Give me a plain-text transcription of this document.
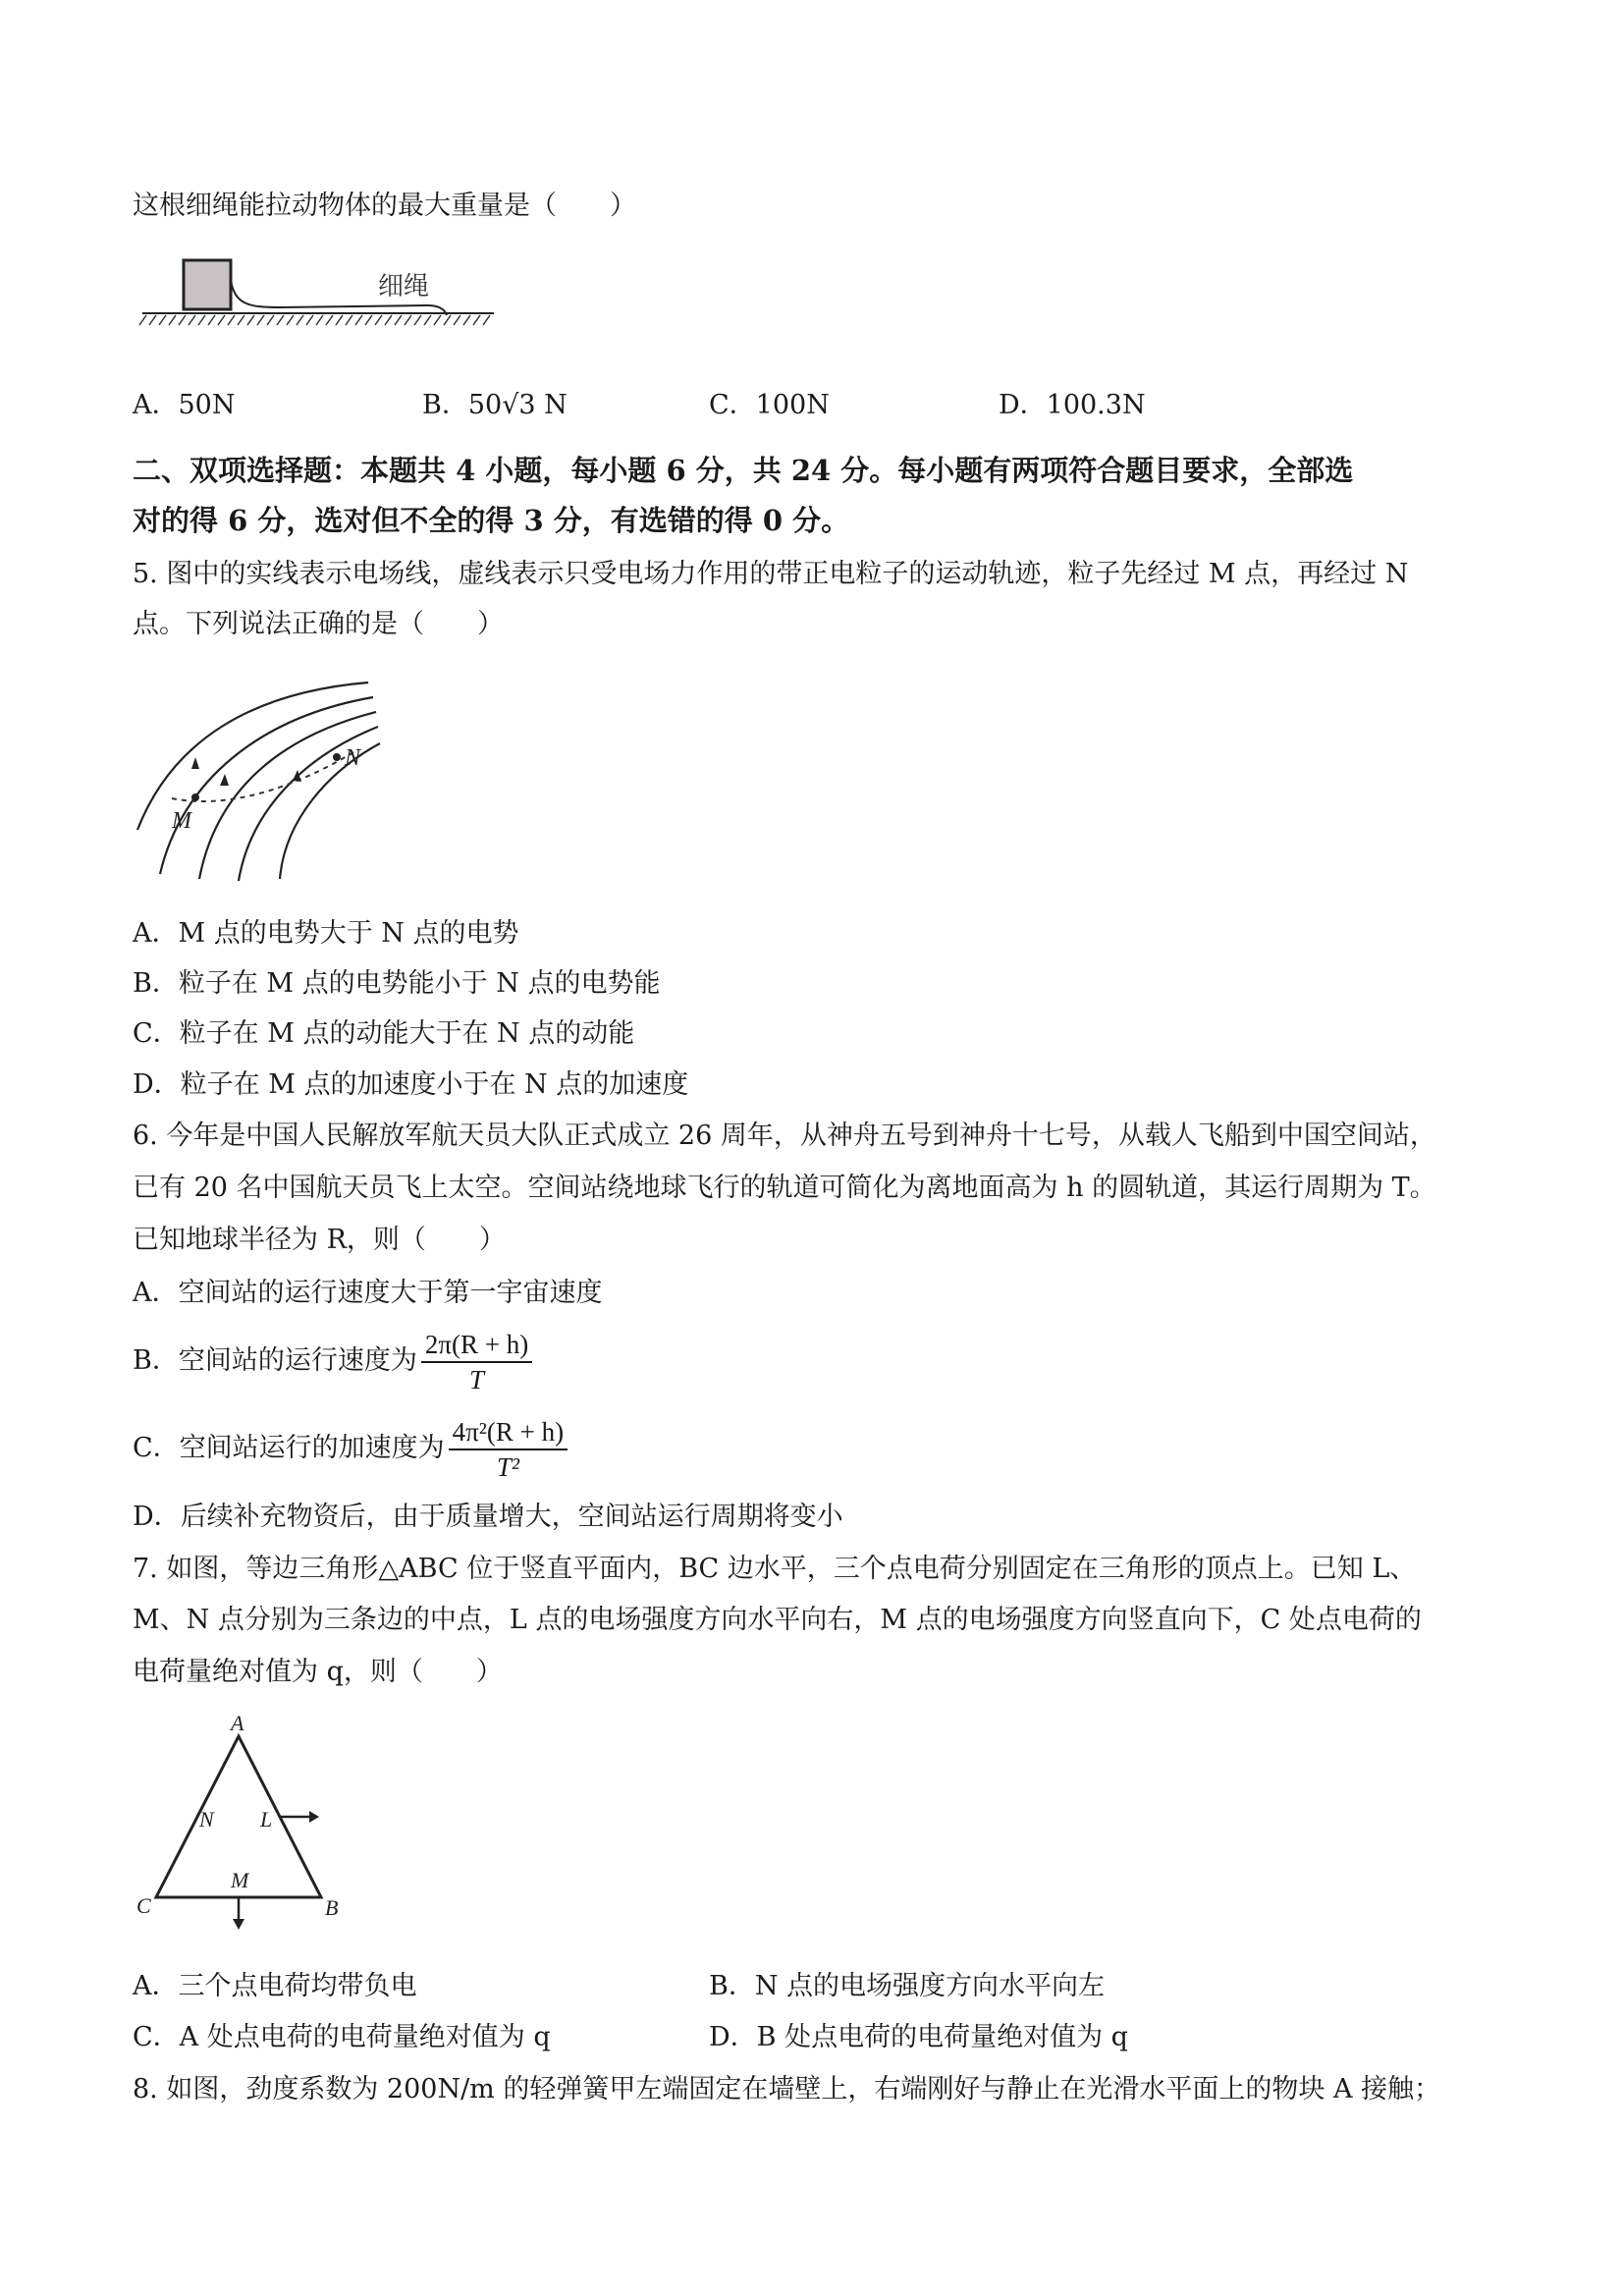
这根细绳能拉动物体的最大重量是（　　）
细绳
A．50N	B．50√3 N	C．100N	D．100.3N
二、双项选择题：本题共 4 小题，每小题 6 分，共 24 分。每小题有两项符合题目要求，全部选
对的得 6 分，选对但不全的得 3 分，有选错的得 0 分。
5. 图中的实线表示电场线，虚线表示只受电场力作用的带正电粒子的运动轨迹，粒子先经过 M 点，再经过 N
点。下列说法正确的是（　　）
M
N
A．M 点的电势大于 N 点的电势
B．粒子在 M 点的电势能小于 N 点的电势能
C．粒子在 M 点的动能大于在 N 点的动能
D．粒子在 M 点的加速度小于在 N 点的加速度
6. 今年是中国人民解放军航天员大队正式成立 26 周年，从神舟五号到神舟十七号，从载人飞船到中国空间站，
已有 20 名中国航天员飞上太空。空间站绕地球飞行的轨道可简化为离地面高为 h 的圆轨道，其运行周期为 T。
已知地球半径为 R，则（　　）
A．空间站的运行速度大于第一宇宙速度
B．空间站的运行速度为 $\frac{2\pi(R + h)}{T}$
C．空间站运行的加速度为 $\frac{\text{4π²(R + h)}}{\text{T²}}$
D．后续补充物资后，由于质量增大，空间站运行周期将变小
7. 如图，等边三角形△ABC 位于竖直平面内，BC 边水平，三个点电荷分别固定在三角形的顶点上。已知 L、
M、N 点分别为三条边的中点，L 点的电场强度方向水平向右，M 点的电场强度方向竖直向下，C 处点电荷的
电荷量绝对值为 q，则（　　）
A
B
C
N L
M
A．三个点电荷均带负电	B．N 点的电场强度方向水平向左
C．A 处点电荷的电荷量绝对值为 q	D．B 处点电荷的电荷量绝对值为 q
8. 如图，劲度系数为 200N/m 的轻弹簧甲左端固定在墙壁上，右端刚好与静止在光滑水平面上的物块 A 接触；
